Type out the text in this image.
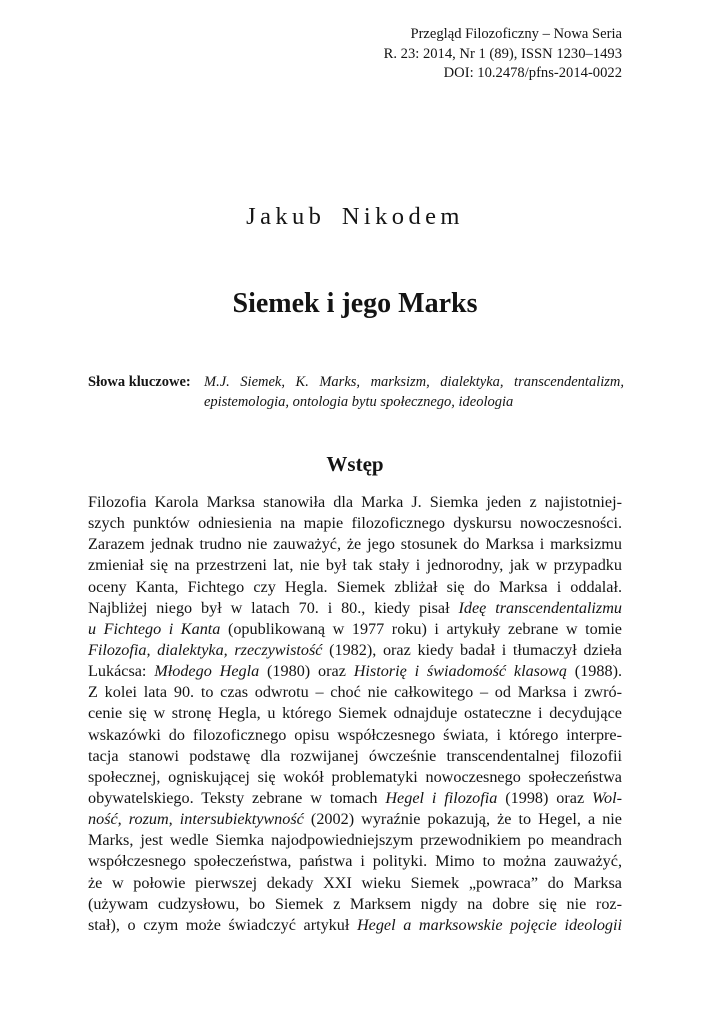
Przegląd Filozoficzny – Nowa Seria
R. 23: 2014, Nr 1 (89), ISSN 1230–1493
DOI: 10.2478/pfns-2014-0022
Jakub Nikodem
Siemek i jego Marks
Słowa kluczowe: M.J. Siemek, K. Marks, marksizm, dialektyka, transcendentalizm,
epistemologia, ontologia bytu społecznego, ideologia
Wstęp
Filozofia Karola Marksa stanowiła dla Marka J. Siemka jeden z najistotniej-
szych punktów odniesienia na mapie filozoficznego dyskursu nowoczesności.
Zarazem jednak trudno nie zauważyć, że jego stosunek do Marksa i marksizmu
zmieniał się na przestrzeni lat, nie był tak stały i jednorodny, jak w przypadku
oceny Kanta, Fichtego czy Hegla. Siemek zbliżał się do Marksa i oddalał.
Najbliżej niego był w latach 70. i 80., kiedy pisał Ideę transcendentalizmu
u Fichtego i Kanta (opublikowaną w 1977 roku) i artykuły zebrane w tomie
Filozofia, dialektyka, rzeczywistość (1982), oraz kiedy badał i tłumaczył dzieła
Lukácsa: Młodego Hegla (1980) oraz Historię i świadomość klasową (1988).
Z kolei lata 90. to czas odwrotu – choć nie całkowitego – od Marksa i zwró-
cenie się w stronę Hegla, u którego Siemek odnajduje ostateczne i decydujące
wskazówki do filozoficznego opisu współczesnego świata, i którego interpre-
tacja stanowi podstawę dla rozwijanej ówcześnie transcendentalnej filozofii
społecznej, ogniskującej się wokół problematyki nowoczesnego społeczeństwa
obywatelskiego. Teksty zebrane w tomach Hegel i filozofia (1998) oraz Wol-
ność, rozum, intersubiektywność (2002) wyraźnie pokazują, że to Hegel, a nie
Marks, jest wedle Siemka najodpowiedniejszym przewodnikiem po meandrach
współczesnego społeczeństwa, państwa i polityki. Mimo to można zauważyć,
że w połowie pierwszej dekady XXI wieku Siemek „powraca” do Marksa
(używam cudzysłowu, bo Siemek z Marksem nigdy na dobre się nie roz-
stał), o czym może świadczyć artykuł Hegel a marksowskie pojęcie ideologii
